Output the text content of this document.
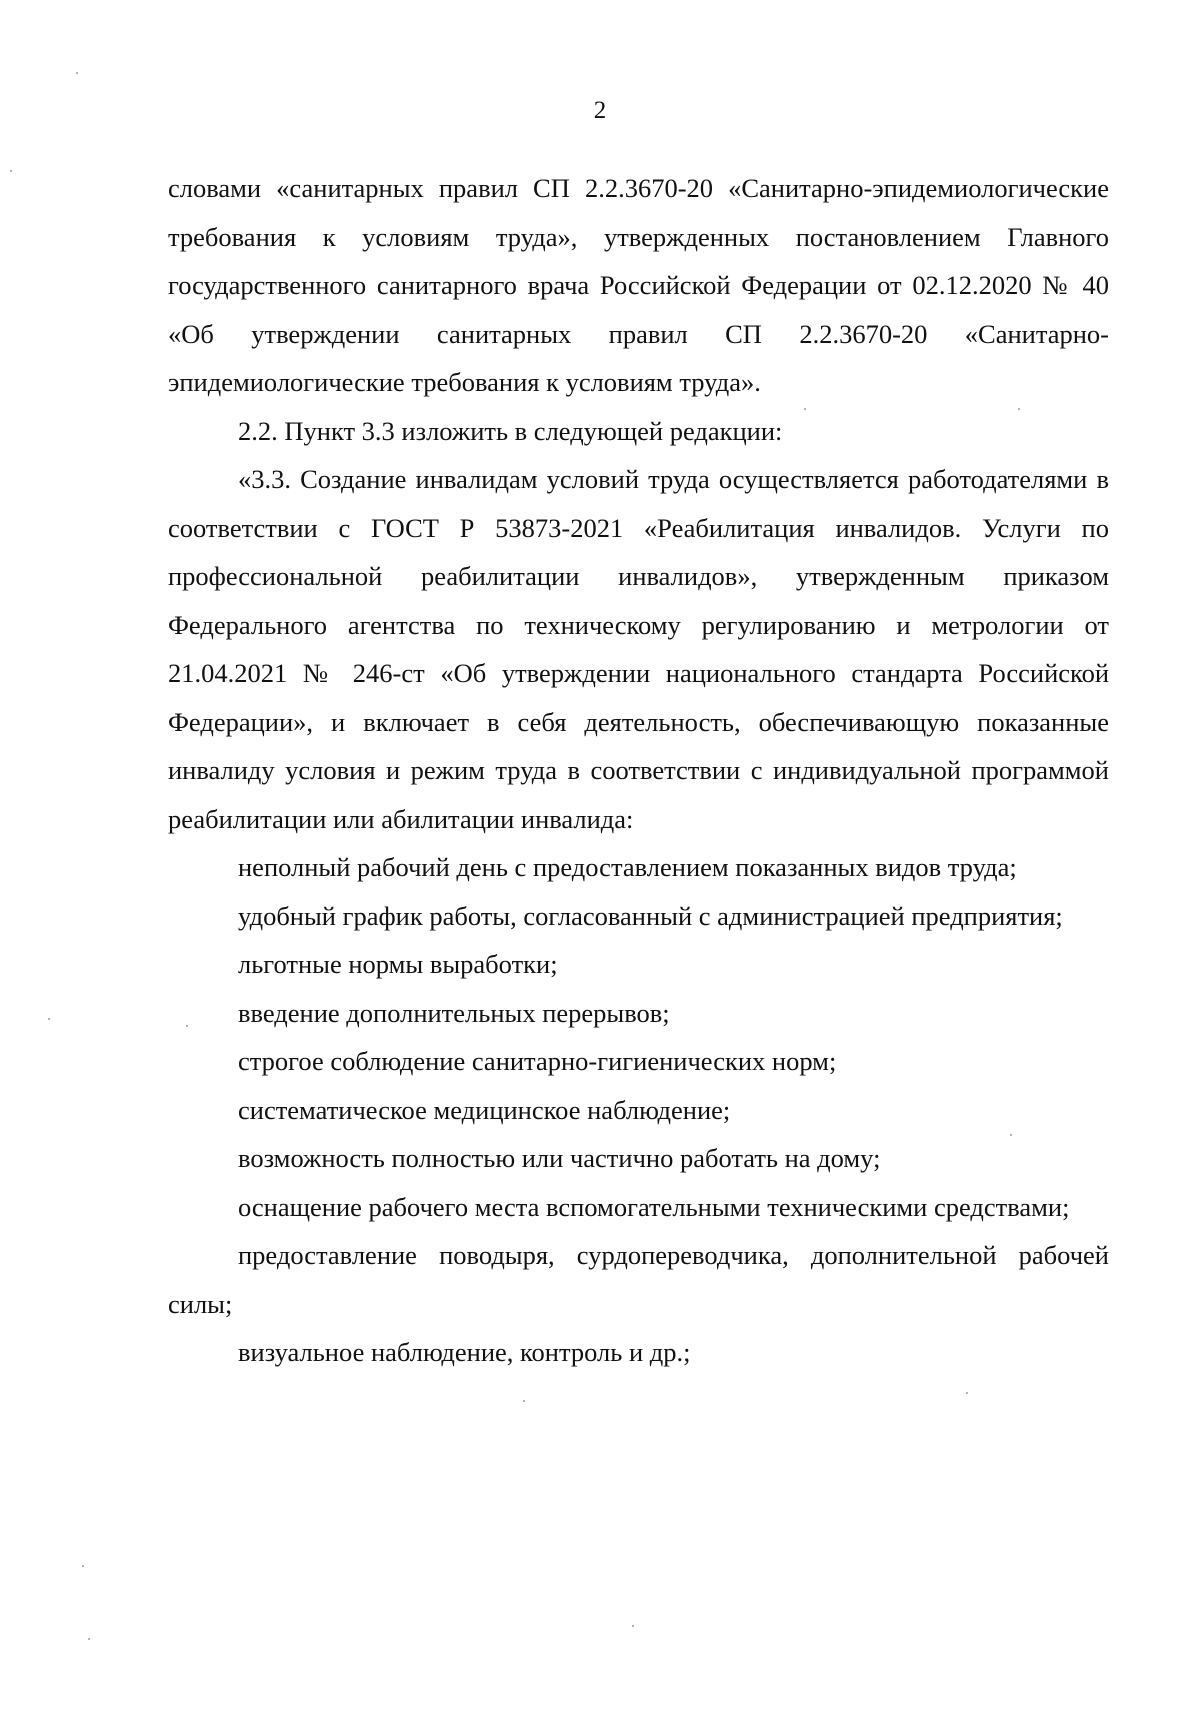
2

словами «санитарных правил СП 2.2.3670-20 «Санитарно-эпидемиологические требования к условиям труда», утвержденных постановлением Главного государственного санитарного врача Российской Федерации от 02.12.2020 № 40 «Об утверждении санитарных правил СП 2.2.3670-20 «Санитарно-эпидемиологические требования к условиям труда».

2.2. Пункт 3.3 изложить в следующей редакции:

«3.3. Создание инвалидам условий труда осуществляется работодателями в соответствии с ГОСТ Р 53873-2021 «Реабилитация инвалидов. Услуги по профессиональной реабилитации инвалидов», утвержденным приказом Федерального агентства по техническому регулированию и метрологии от 21.04.2021 № 246-ст «Об утверждении национального стандарта Российской Федерации», и включает в себя деятельность, обеспечивающую показанные инвалиду условия и режим труда в соответствии с индивидуальной программой реабилитации или абилитации инвалида:

неполный рабочий день с предоставлением показанных видов труда;

удобный график работы, согласованный с администрацией предприятия;

льготные нормы выработки;

введение дополнительных перерывов;

строгое соблюдение санитарно-гигиенических норм;

систематическое медицинское наблюдение;

возможность полностью или частично работать на дому;

оснащение рабочего места вспомогательными техническими средствами;

предоставление поводыря, сурдопереводчика, дополнительной рабочей силы;

визуальное наблюдение, контроль и др.;
